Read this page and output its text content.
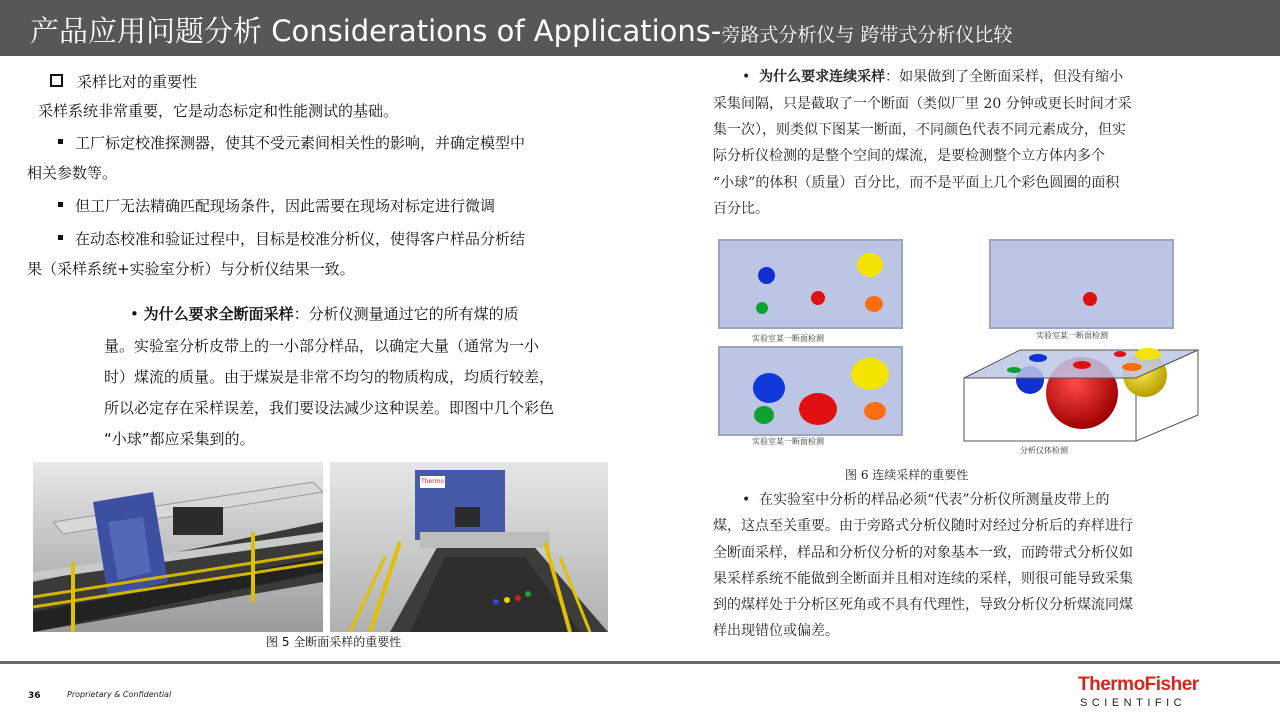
产品应用问题分析 Considerations of Applications-旁路式分析仪与 跨带式分析仪比较
采样比对的重要性
采样系统非常重要，它是动态标定和性能测试的基础。
工厂标定校准探测器，使其不受元素间相关性的影响，并确定模型中
相关参数等。
但工厂无法精确匹配现场条件，因此需要在现场对标定进行微调
在动态校准和验证过程中，目标是校准分析仪，使得客户样品分析结
果（采样系统+实验室分析）与分析仪结果一致。
• 为什么要求全断面采样：分析仪测量通过它的所有煤的质
量。实验室分析皮带上的一小部分样品，以确定大量（通常为一小
时）煤流的质量。由于煤炭是非常不均匀的物质构成，均质行较差，
所以必定存在采样误差，我们要设法减少这种误差。即图中几个彩色
“小球”都应采集到的。
Thermo
图 5 全断面采样的重要性
•  为什么要求连续采样：如果做到了全断面采样，但没有缩小
采集间隔，只是截取了一个断面（类似厂里 20 分钟或更长时间才采
集一次），则类似下图某一断面，不同颜色代表不同元素成分，但实
际分析仪检测的是整个空间的煤流，是要检测整个立方体内多个
“小球”的体积（质量）百分比，而不是平面上几个彩色圆圈的面积
百分比。
实验室某一断面检测	实验室某一断面检测
实验室某一断面检测
分析仪体检测
图 6 连续采样的重要性
•  在实验室中分析的样品必须“代表”分析仪所测量皮带上的
煤，这点至关重要。由于旁路式分析仪随时对经过分析后的弃样进行
全断面采样，样品和分析仪分析的对象基本一致，而跨带式分析仪如
果采样系统不能做到全断面并且相对连续的采样，则很可能导致采集
到的煤样处于分析区死角或不具有代理性，导致分析仪分析煤流同煤
样出现错位或偏差。
36	Proprietary & Confidential	ThermoFisher
SCIENTIFIC
